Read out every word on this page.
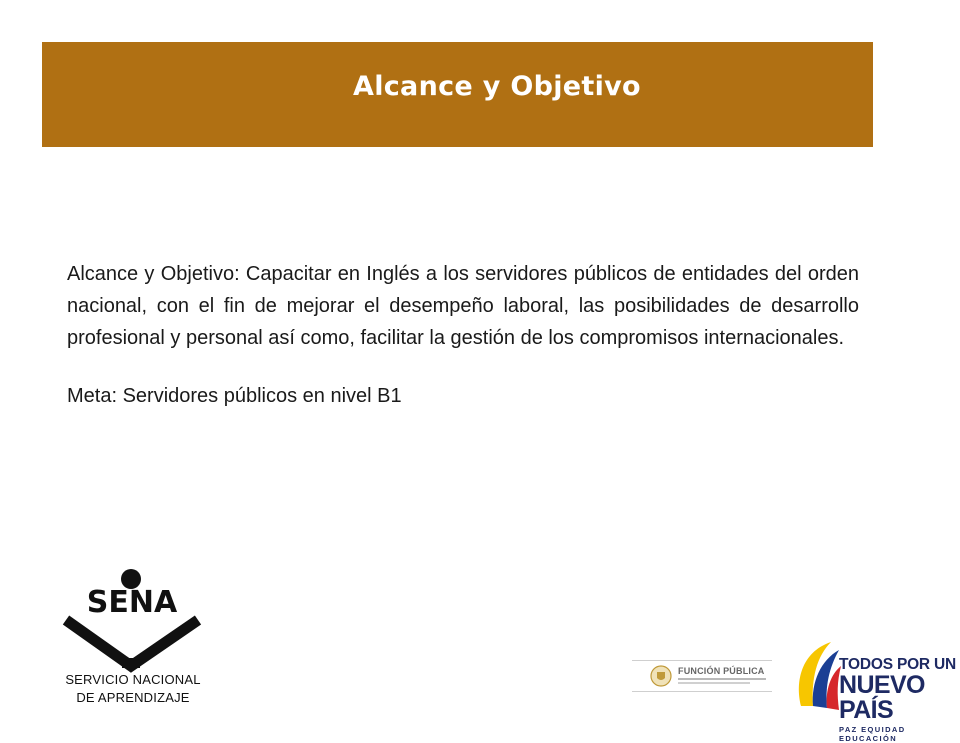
Alcance y Objetivo

Alcance y Objetivo: Capacitar en Inglés a los servidores públicos de entidades del orden nacional, con el fin de mejorar el desempeño laboral, las posibilidades de desarrollo profesional y personal así como, facilitar la gestión de los compromisos internacionales.

Meta: Servidores públicos en nivel B1

SENA
SERVICIO NACIONAL
DE APRENDIZAJE
FUNCIÓN PÚBLICA	TODOS POR UN
NUEVO PAÍS
PAZ EQUIDAD EDUCACIÓN
